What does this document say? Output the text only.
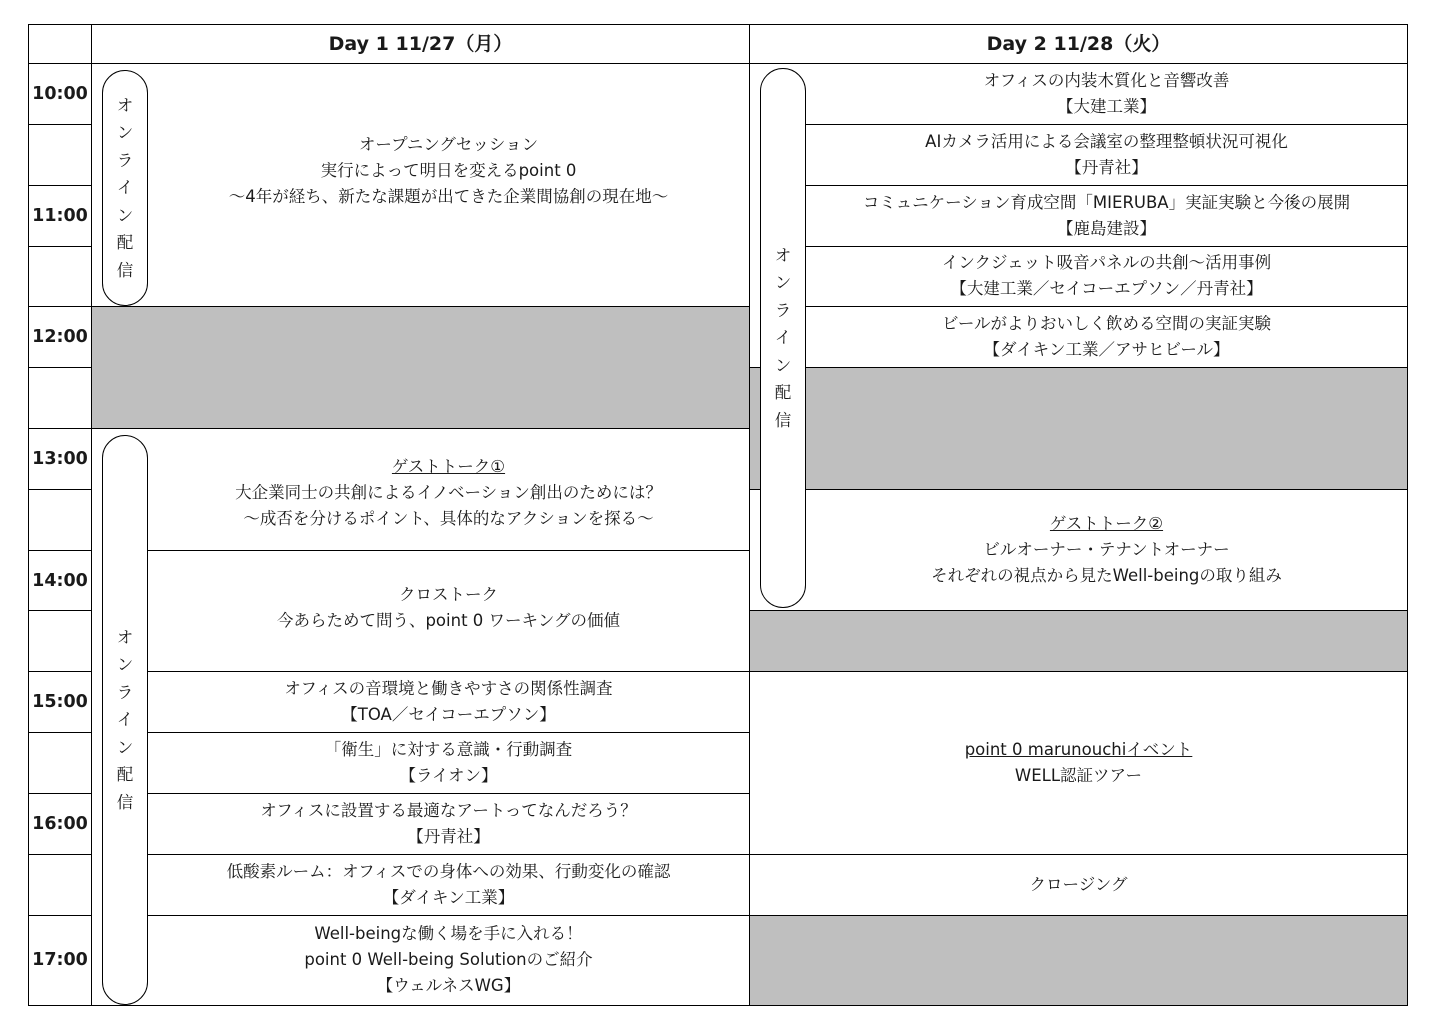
Day 1 11/27（月）	Day 2 11/28（火）
10:00
11:00
12:00
13:00
14:00
15:00
16:00
17:00
オープニングセッション
実行によって明日を変えるpoint 0
～4年が経ち、新たな課題が出てきた企業間協創の現在地～
ゲストトーク①
大企業同士の共創によるイノベーション創出のためには？
～成否を分けるポイント、具体的なアクションを探る～
クロストーク
今あらためて問う、point 0 ワーキングの価値
オフィスの音環境と働きやすさの関係性調査
【TOA／セイコーエプソン】
「衛生」に対する意識・行動調査
【ライオン】
オフィスに設置する最適なアートってなんだろう？
【丹青社】
低酸素ルーム：オフィスでの身体への効果、行動変化の確認
【ダイキン工業】
Well-beingな働く場を手に入れる！
point 0 Well-being Solutionのご紹介
【ウェルネスWG】
オフィスの内装木質化と音響改善
【大建工業】
AIカメラ活用による会議室の整理整頓状況可視化
【丹青社】
コミュニケーション育成空間「MIERUBA」実証実験と今後の展開
【鹿島建設】
インクジェット吸音パネルの共創～活用事例
【大建工業／セイコーエプソン／丹青社】
ビールがよりおいしく飲める空間の実証実験
【ダイキン工業／アサヒビール】
ゲストトーク②
ビルオーナー・テナントオーナー
それぞれの視点から見たWell-beingの取り組み
point 0 marunouchiイベント
WELL認証ツアー
クロージング
オ
ン
ラ
イ
ン
配
信
オ
ン
ラ
イ
ン
配
信
オ
ン
ラ
イ
ン
配
信
